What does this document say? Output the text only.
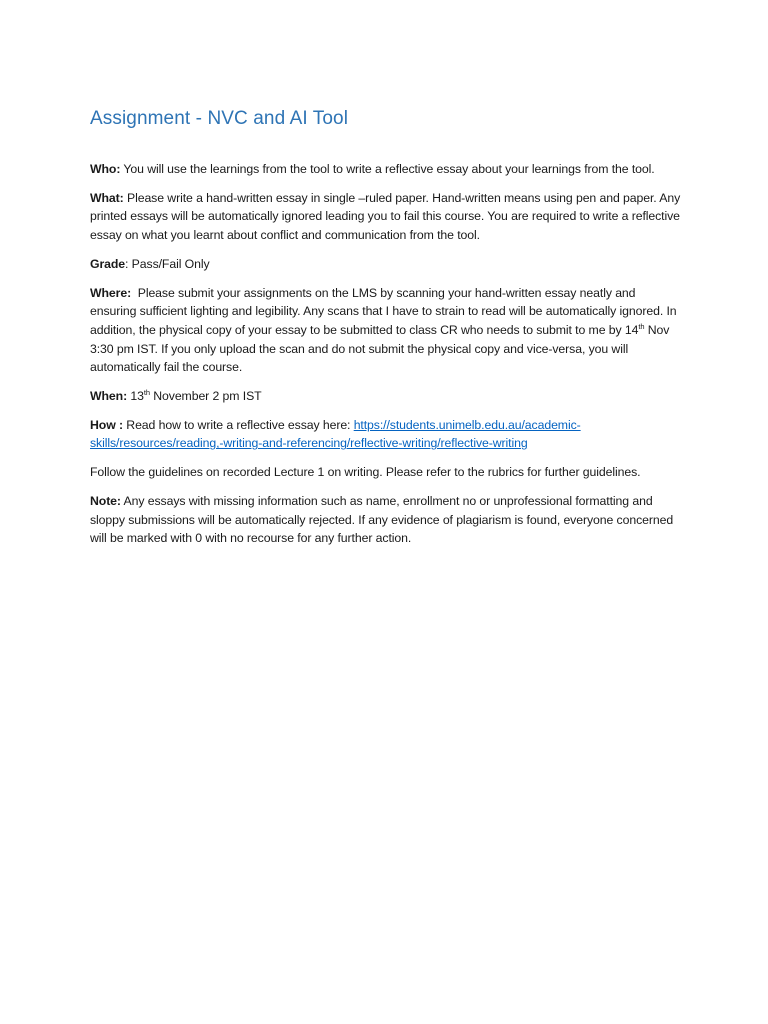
Assignment - NVC and AI Tool

Who: You will use the learnings from the tool to write a reflective essay about your learnings from the tool.

What: Please write a hand-written essay in single –ruled paper. Hand-written means using pen and paper. Any printed essays will be automatically ignored leading you to fail this course. You are required to write a reflective essay on what you learnt about conflict and communication from the tool.

Grade: Pass/Fail Only

Where:  Please submit your assignments on the LMS by scanning your hand-written essay neatly and ensuring sufficient lighting and legibility. Any scans that I have to strain to read will be automatically ignored. In addition, the physical copy of your essay to be submitted to class CR who needs to submit to me by 14th Nov 3:30 pm IST. If you only upload the scan and do not submit the physical copy and vice-versa, you will automatically fail the course.

When: 13th November 2 pm IST

How : Read how to write a reflective essay here: https://students.unimelb.edu.au/academic-skills/resources/reading,-writing-and-referencing/reflective-writing/reflective-writing

Follow the guidelines on recorded Lecture 1 on writing. Please refer to the rubrics for further guidelines.

Note: Any essays with missing information such as name, enrollment no or unprofessional formatting and sloppy submissions will be automatically rejected. If any evidence of plagiarism is found, everyone concerned will be marked with 0 with no recourse for any further action.
